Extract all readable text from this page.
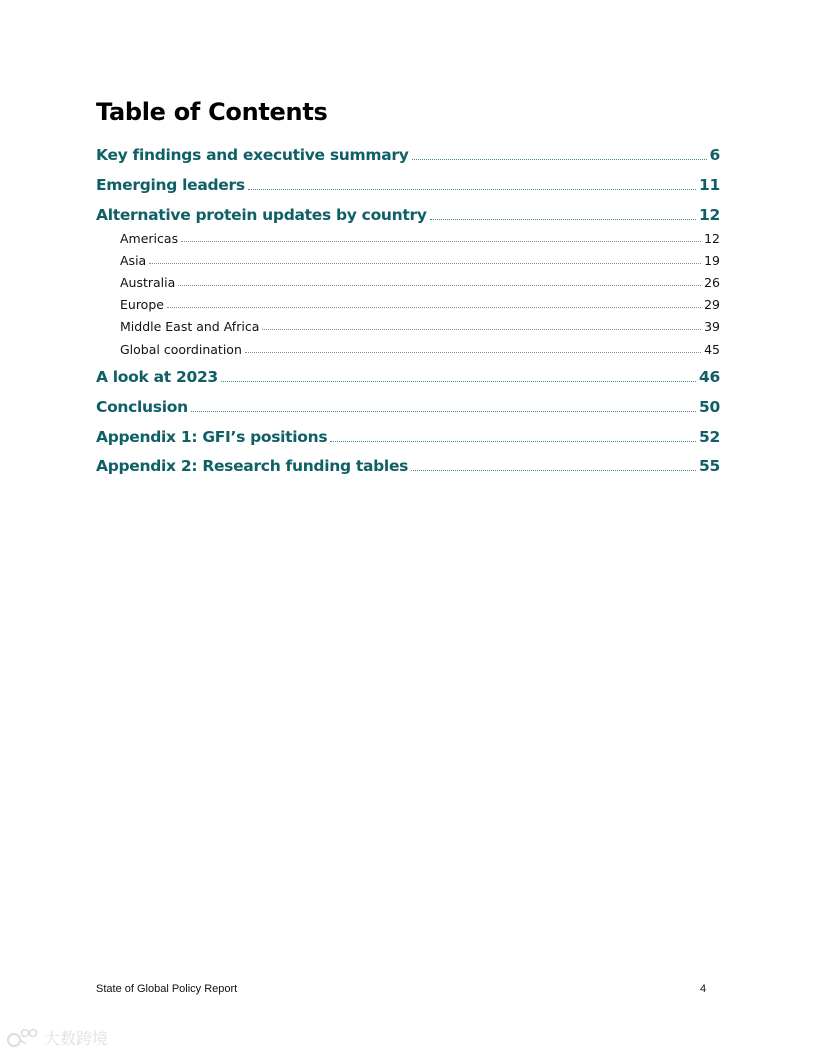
Table of Contents
Key findings and executive summary	6
Emerging leaders	11
Alternative protein updates by country	12
Americas	12
Asia	19
Australia	26
Europe	29
Middle East and Africa	39
Global coordination	45
A look at 2023	46
Conclusion	50
Appendix 1: GFI’s positions	52
Appendix 2: Research funding tables	55
State of Global Policy Report	4
大数跨境
